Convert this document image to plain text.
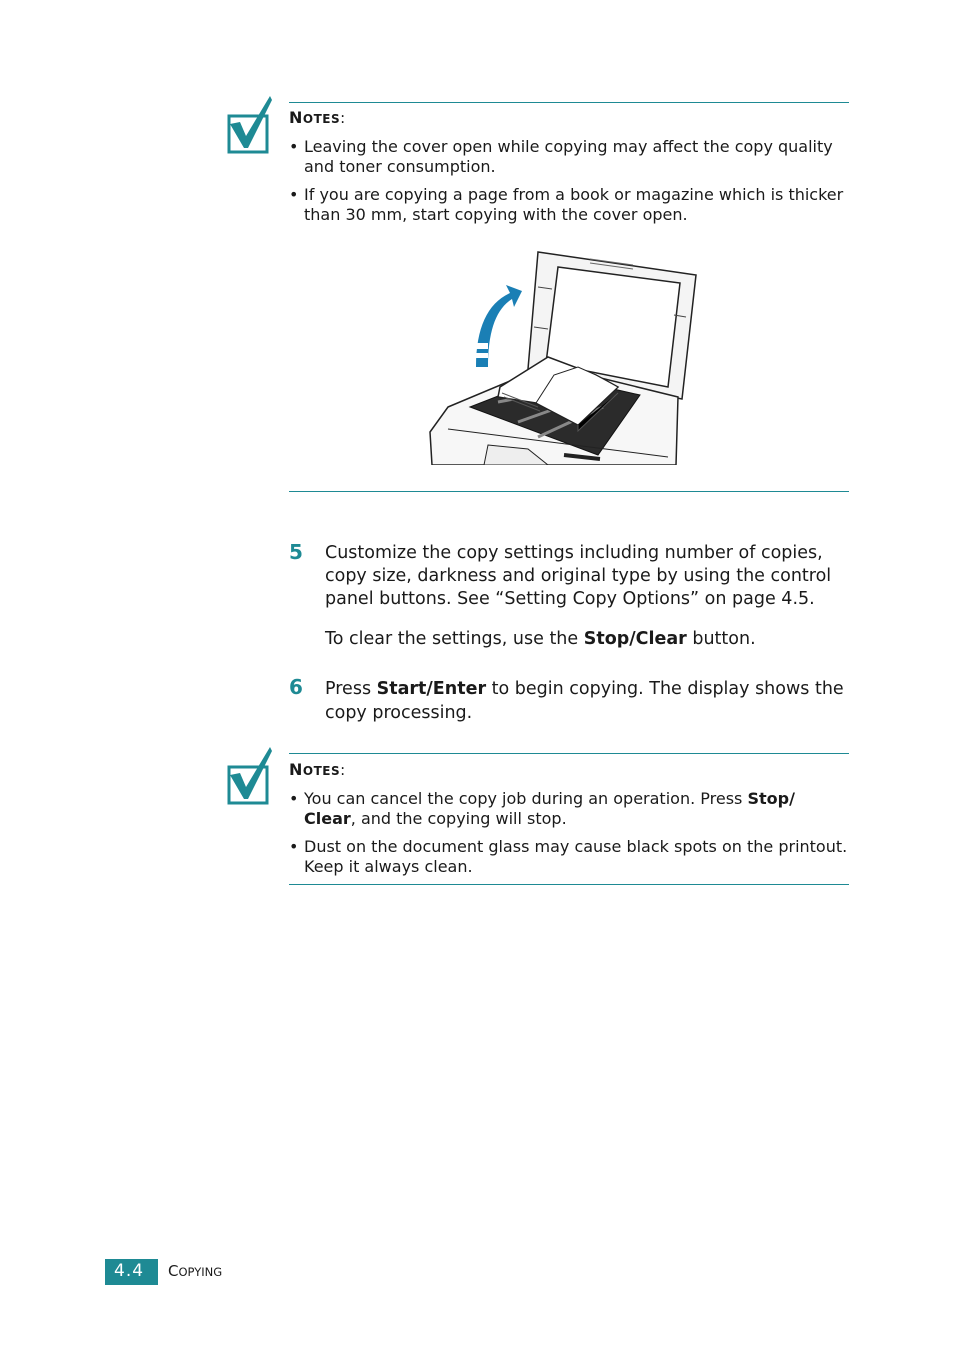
NOTES:
• Leaving the cover open while copying may affect the copy quality and toner consumption.
• If you are copying a page from a book or magazine which is thicker than 30 mm, start copying with the cover open.
5 Customize the copy settings including number of copies, copy size, darkness and original type by using the control panel buttons. See “Setting Copy Options” on page 4.5.
To clear the settings, use the Stop/Clear button.
6 Press Start/Enter to begin copying. The display shows the copy processing.
NOTES:
• You can cancel the copy job during an operation. Press Stop/
Clear, and the copying will stop.
• Dust on the document glass may cause black spots on the printout. Keep it always clean.
4.4 COPYING
